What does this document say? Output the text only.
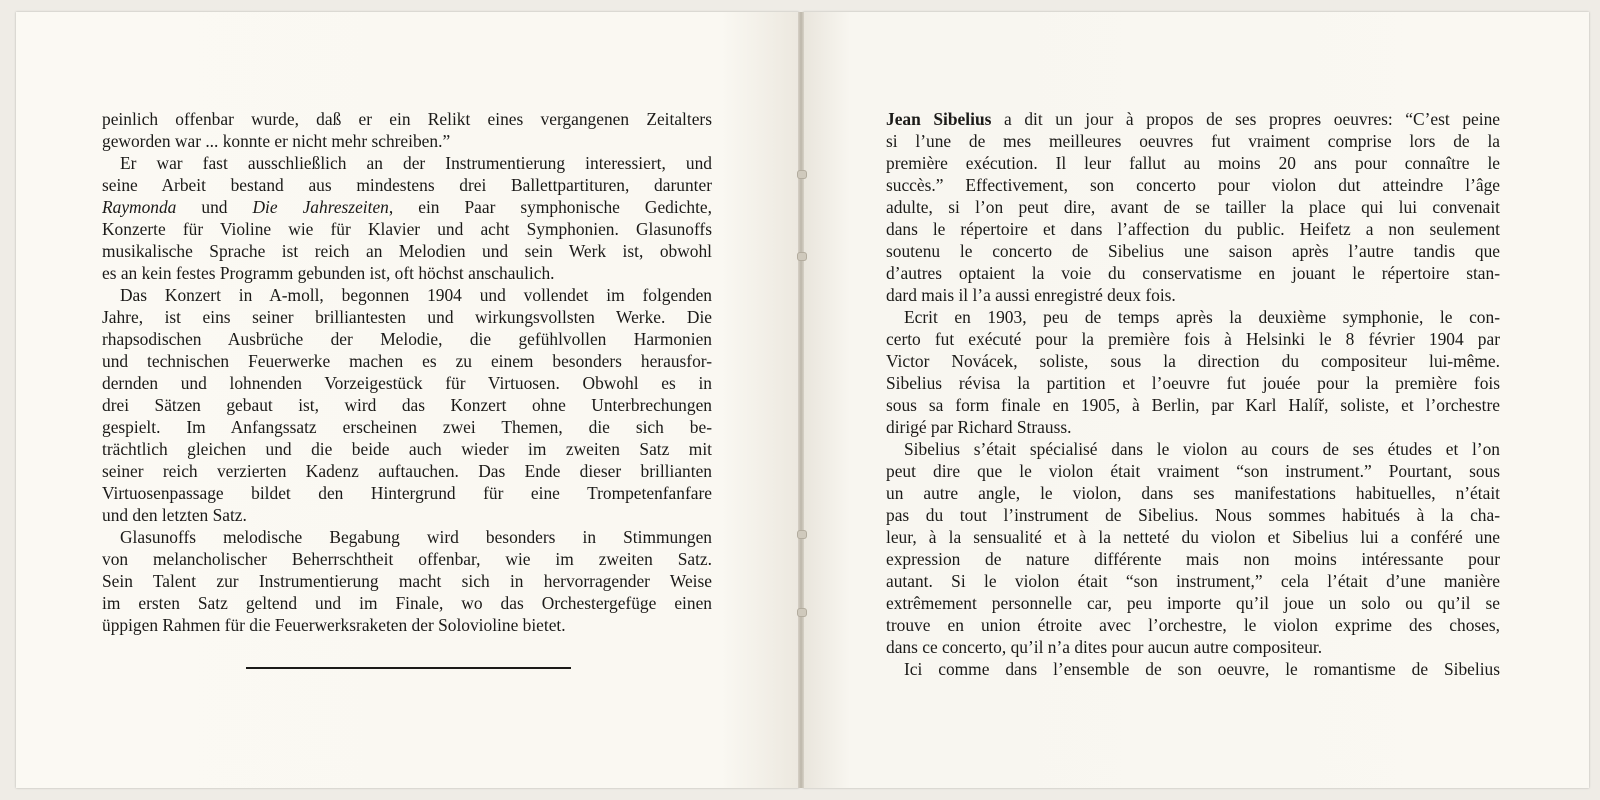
peinlich offenbar wurde, daß er ein Relikt eines vergangenen Zeitalters
geworden war ... konnte er nicht mehr schreiben.”
Er war fast ausschließlich an der Instrumentierung interessiert, und
seine Arbeit bestand aus mindestens drei Ballettpartituren, darunter
Raymonda und Die Jahreszeiten, ein Paar symphonische Gedichte,
Konzerte für Violine wie für Klavier und acht Symphonien. Glasunoffs
musikalische Sprache ist reich an Melodien und sein Werk ist, obwohl
es an kein festes Programm gebunden ist, oft höchst anschaulich.
Das Konzert in A-moll, begonnen 1904 und vollendet im folgenden
Jahre, ist eins seiner brilliantesten und wirkungsvollsten Werke. Die
rhapsodischen Ausbrüche der Melodie, die gefühlvollen Harmonien
und technischen Feuerwerke machen es zu einem besonders herausfor-
dernden und lohnenden Vorzeigestück für Virtuosen. Obwohl es in
drei Sätzen gebaut ist, wird das Konzert ohne Unterbrechungen
gespielt. Im Anfangssatz erscheinen zwei Themen, die sich be-
trächtlich gleichen und die beide auch wieder im zweiten Satz mit
seiner reich verzierten Kadenz auftauchen. Das Ende dieser brillianten
Virtuosenpassage bildet den Hintergrund für eine Trompetenfanfare
und den letzten Satz.
Glasunoffs melodische Begabung wird besonders in Stimmungen
von melancholischer Beherrschtheit offenbar, wie im zweiten Satz.
Sein Talent zur Instrumentierung macht sich in hervorragender Weise
im ersten Satz geltend und im Finale, wo das Orchestergefüge einen
üppigen Rahmen für die Feuerwerksraketen der Solovioline bietet.
Jean Sibelius a dit un jour à propos de ses propres oeuvres: “C’est peine
si l’une de mes meilleures oeuvres fut vraiment comprise lors de la
première exécution. Il leur fallut au moins 20 ans pour connaître le
succès.” Effectivement, son concerto pour violon dut atteindre l’âge
adulte, si l’on peut dire, avant de se tailler la place qui lui convenait
dans le répertoire et dans l’affection du public. Heifetz a non seulement
soutenu le concerto de Sibelius une saison après l’autre tandis que
d’autres optaient la voie du conservatisme en jouant le répertoire stan-
dard mais il l’a aussi enregistré deux fois.
Ecrit en 1903, peu de temps après la deuxième symphonie, le con-
certo fut exécuté pour la première fois à Helsinki le 8 février 1904 par
Victor Novácek, soliste, sous la direction du compositeur lui-même.
Sibelius révisa la partition et l’oeuvre fut jouée pour la première fois
sous sa form finale en 1905, à Berlin, par Karl Halíř, soliste, et l’orchestre
dirigé par Richard Strauss.
Sibelius s’était spécialisé dans le violon au cours de ses études et l’on
peut dire que le violon était vraiment “son instrument.” Pourtant, sous
un autre angle, le violon, dans ses manifestations habituelles, n’était
pas du tout l’instrument de Sibelius. Nous sommes habitués à la cha-
leur, à la sensualité et à la netteté du violon et Sibelius lui a conféré une
expression de nature différente mais non moins intéressante pour
autant. Si le violon était “son instrument,” cela l’était d’une manière
extrêmement personnelle car, peu importe qu’il joue un solo ou qu’il se
trouve en union étroite avec l’orchestre, le violon exprime des choses,
dans ce concerto, qu’il n’a dites pour aucun autre compositeur.
Ici comme dans l’ensemble de son oeuvre, le romantisme de Sibelius
